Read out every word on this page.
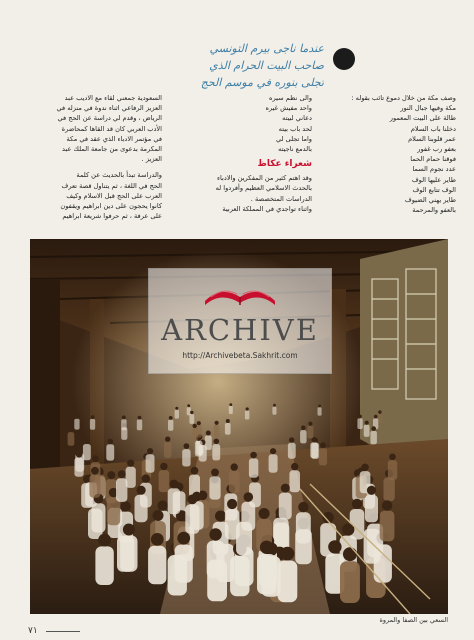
عندما ناجى بيرم التونسي
صاحب البيت الحرام الذي
تجلى بنوره في موسم الحج
وصف مكة من خلال دموع تائب بقوله :
مكة وفيها جبال النور
طالة على البيت المعمور
دخلنا باب السلام
عمر قلوبنا السلام
بعفو رب غفور
فوقنا حمام الحما
عدد نجوم السما
طاير عليها الوف
الوف تتابع الوف
طاير يهني الضيوف
بالعفو والمرحمة
والى نظم سيره
واحد مفيش غيره
دعاني لبيته
لحد باب بيته
واما تجلى لي
بالدمع ناجيته
شعراء عكاظ
وقد اهتم كثير من المفكرين والادباء
بالحدث الاسلامي العظيم وأفردوا له
الدراسات المتخصصة .
واثناء تواجدي في المملكة العربية
السعودية جمعني لقاء مع الاديب عبد
العزيز الرفاعي اثناء ندوة في منزله في
الرياض ، وقدم لي دراسة عن الحج في
الأدب العربي كان قد القاها كمحاضرة
في مؤتمر الادباء الذي عقد في مكة
المكرمة بدعوى من جامعة الملك عبد
العزيز .
والدراسة تبدأ بالحديث عن كلمة
الحج في اللغة ، ثم يتناول قصة تعرف
العرب على الحج قبل الاسلام وكيف
كانوا يحجون على دين ابراهيم ويقفون
على عرفة ، ثم حرفوا شريعة ابراهيم
ARCHIVE
http://Archivebeta.Sakhrit.com
السعي بين الصفا والمروة
٧١
